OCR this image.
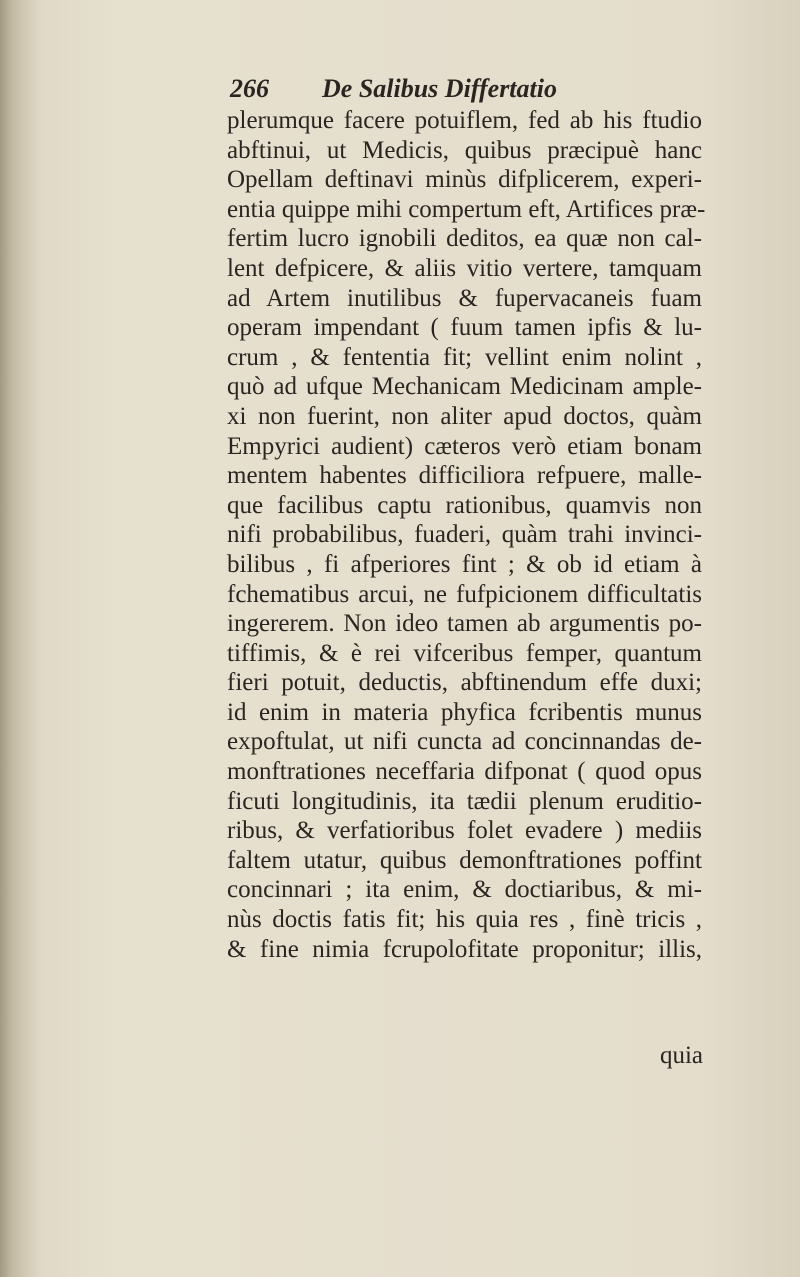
266 De Salibus Differtatio
plerumque facere potuiflem, fed ab his ftudio
abftinui, ut Medicis, quibus præcipuè hanc
Opellam deftinavi minùs difplicerem, experi-
entia quippe mihi compertum eft, Artifices præ-
fertim lucro ignobili deditos, ea quæ non cal-
lent defpicere, & aliis vitio vertere, tamquam
ad Artem inutilibus & fupervacaneis fuam
operam impendant ( fuum tamen ipfis & lu-
crum , & fententia fit; vellint enim nolint ,
quò ad ufque Mechanicam Medicinam ample-
xi non fuerint, non aliter apud doctos, quàm
Empyrici audient) cæteros verò etiam bonam
mentem habentes difficiliora refpuere, malle-
que facilibus captu rationibus, quamvis non
nifi probabilibus, fuaderi, quàm trahi invinci-
bilibus , fi afperiores fint ; & ob id etiam à
fchematibus arcui, ne fufpicionem difficultatis
ingererem. Non ideo tamen ab argumentis po-
tiffimis, & è rei vifceribus femper, quantum
fieri potuit, deductis, abftinendum effe duxi;
id enim in materia phyfica fcribentis munus
expoftulat, ut nifi cuncta ad concinnandas de-
monftrationes neceffaria difponat ( quod opus
ficuti longitudinis, ita tædii plenum eruditio-
ribus, & verfatioribus folet evadere ) mediis
faltem utatur, quibus demonftrationes poffint
concinnari ; ita enim, & doctiaribus, & mi-
nùs doctis fatis fit; his quia res , finè tricis ,
& fine nimia fcrupolofitate proponitur; illis,
quia
